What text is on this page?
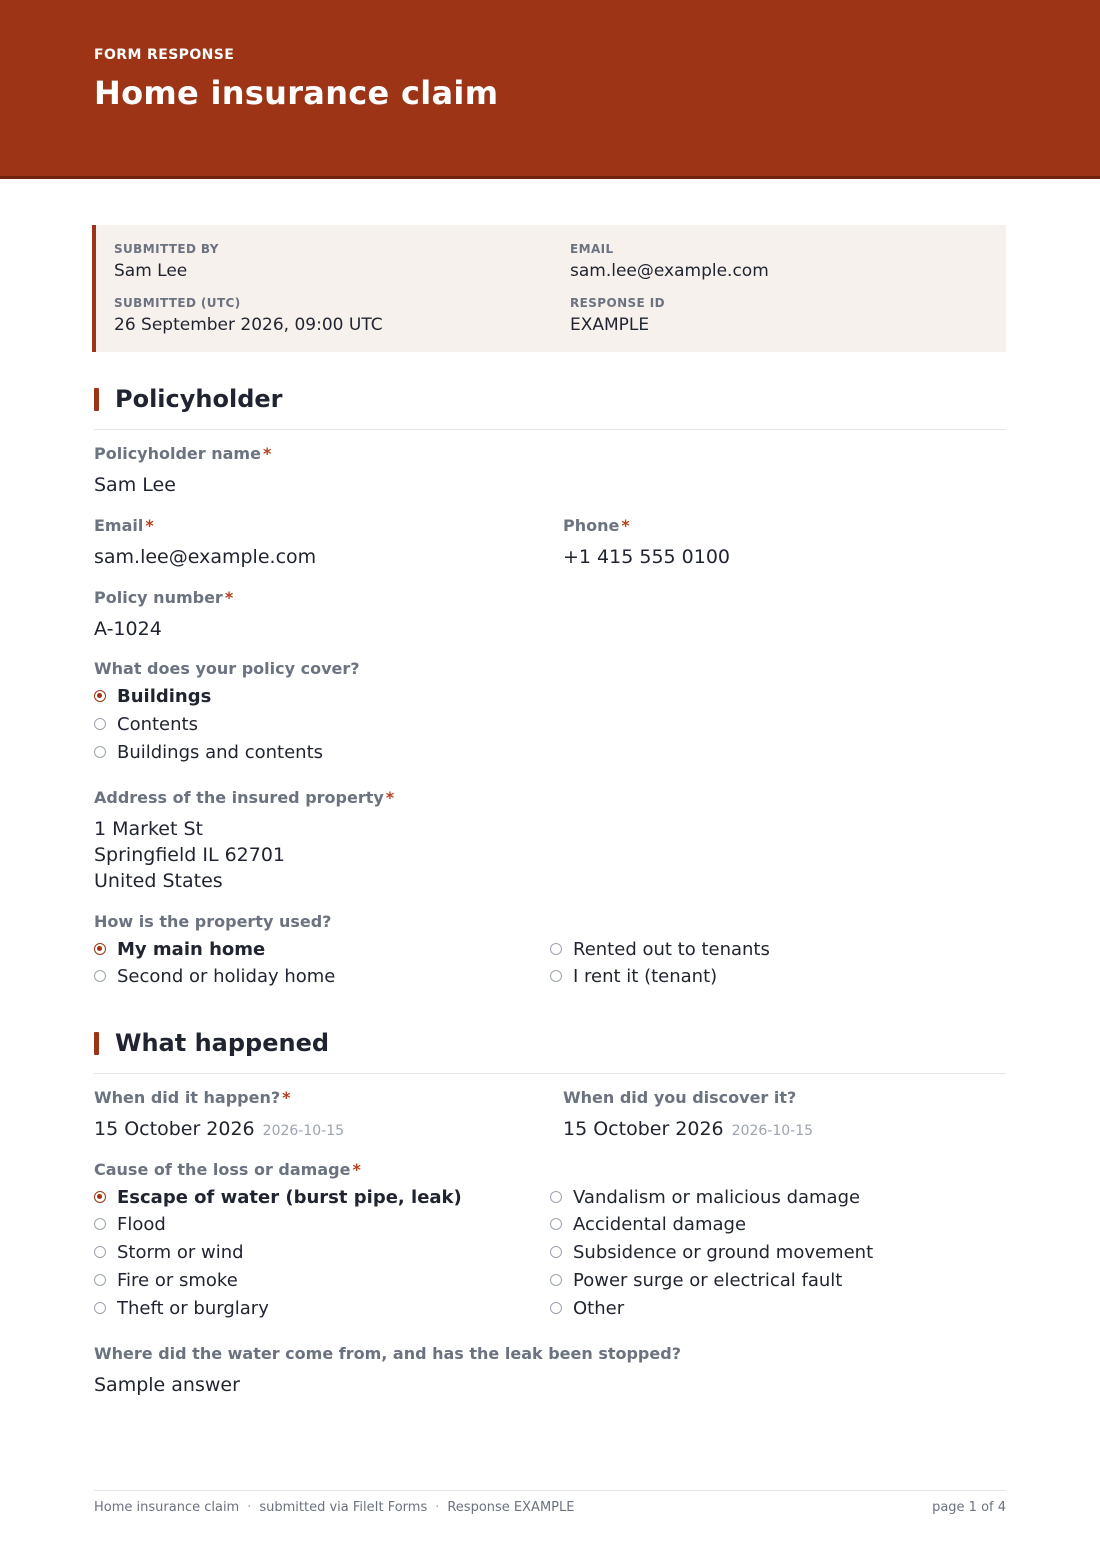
FORM RESPONSE
Home insurance claim
SUBMITTED BY
Sam Lee
EMAIL
sam.lee@example.com
SUBMITTED (UTC)
26 September 2026, 09:00 UTC
RESPONSE ID
EXAMPLE
Policyholder
Policyholder name *
Sam Lee
Email *
sam.lee@example.com
Phone *
+1 415 555 0100
Policy number *
A-1024
What does your policy cover?
Buildings
Contents
Buildings and contents
Address of the insured property *
1 Market St
Springfield IL 62701
United States
How is the property used?
My main home
Second or holiday home
Rented out to tenants
I rent it (tenant)
What happened
When did it happen? *
15 October 2026 2026-10-15
When did you discover it?
15 October 2026 2026-10-15
Cause of the loss or damage *
Escape of water (burst pipe, leak)
Flood
Storm or wind
Fire or smoke
Theft or burglary
Vandalism or malicious damage
Accidental damage
Subsidence or ground movement
Power surge or electrical fault
Other
Where did the water come from, and has the leak been stopped?
Sample answer
Home insurance claim · submitted via FileIt Forms · Response EXAMPLE	page 1 of 4
